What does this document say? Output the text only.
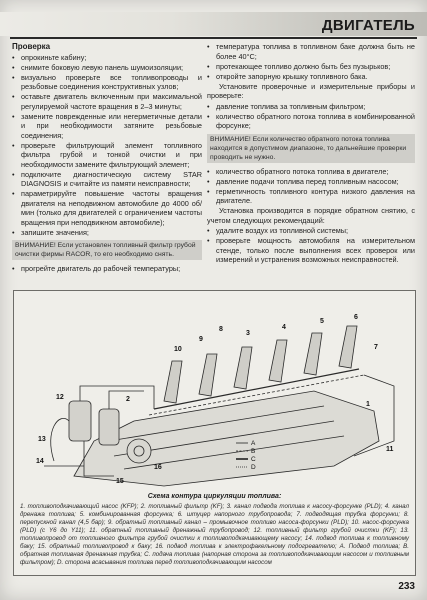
ДВИГАТЕЛЬ
Проверка
• опрокиньте кабину;
• снимите боковую левую панель шумоизоляции;
• визуально проверьте все топливопроводы и резьбовые соединения конструктивных узлов;
• оставьте двигатель включенным при максимальной регулируемой частоте вращения в 2–3 минуты;
• замените поврежденные или негерметичные детали и при необходимости затяните резьбовые соединения;
• проверьте фильтрующий элемент топливного фильтра грубой и тонкой очистки и при необходимости замените фильтрующий элемент;
• подключите диагностическую систему STAR DIAGNOSIS и считайте из памяти неисправности;
• параметрируйте повышение частоты вращения двигателя на неподвижном автомобиле до 4000 об/мин (только для двигателей с ограничением частоты вращения при неподвижном автомобиле);
• запишите значения;
ВНИМАНИЕ! Если установлен топливный фильтр грубой очистки фирмы RACOR, то его необходимо снять.
• прогрейте двигатель до рабочей температуры;
• температура топлива в топливном баке должна быть не более 40°С;
• протекающее топливо должно быть без пузырьков;
• откройте запорную крышку топливного бака.
Установите проверочные и измерительные приборы и проверьте:
• давление топлива за топливным фильтром;
• количество обратного потока топлива в комбинированной форсунке;
ВНИМАНИЕ! Если количество обратного потока топлива находится в допустимом диапазоне, то дальнейшие проверки проводить не нужно.
• количество обратного потока топлива в двигателе;
• давление подачи топлива перед топливным насосом;
• герметичность топливного контура низкого давления на двигателе.
Установка производится в порядке обратном снятию, с учетом следующих рекомендаций:
• удалите воздух из топливной системы;
• проверьте мощность автомобиля на измерительном стенде, только после выполнения всех проверок или измерений и устранения возможных неисправностей.
1
2
3
4
5
6
7
8
9
10
11
12
13
14
15
16
A
B
C
D
Схема контура циркуляции топлива:
1. топливоподкачивающий насос (KFP); 2. топливный фильтр (KF); 3. канал подвода топлива к насосу-форсунке (PLD); 4. канал дренажа топлива; 5. комбинированная форсунка; 6. штуцер напорного трубопровода; 7. подводящая трубка форсунки; 8. перепускной канал (4,5 бар); 9. обратный топливный канал – промывочное топливо насоса-форсунки (PLD); 10. насос-форсунка (PLD) (с Y6 до Y11); 11. обратный топливный дренажный трубопровод; 12. топливный фильтр грубой очистки (KF); 13. топливопровод от топливного фильтра грубой очистки к топливоподкачивающему насосу; 14. подвод топлива к топливному баку; 15. обратный топливопровод к баку; 16. подвод топлива к электрофакельному подогревателю; A. Подвод топлива; B. обратная топливная дренажная трубка; C. подача топлива (напорная сторона за топливоподкачивающим насосом и топливным фильтром); D. сторона всасывания топлива перед топливоподкачивающим насосом
233
